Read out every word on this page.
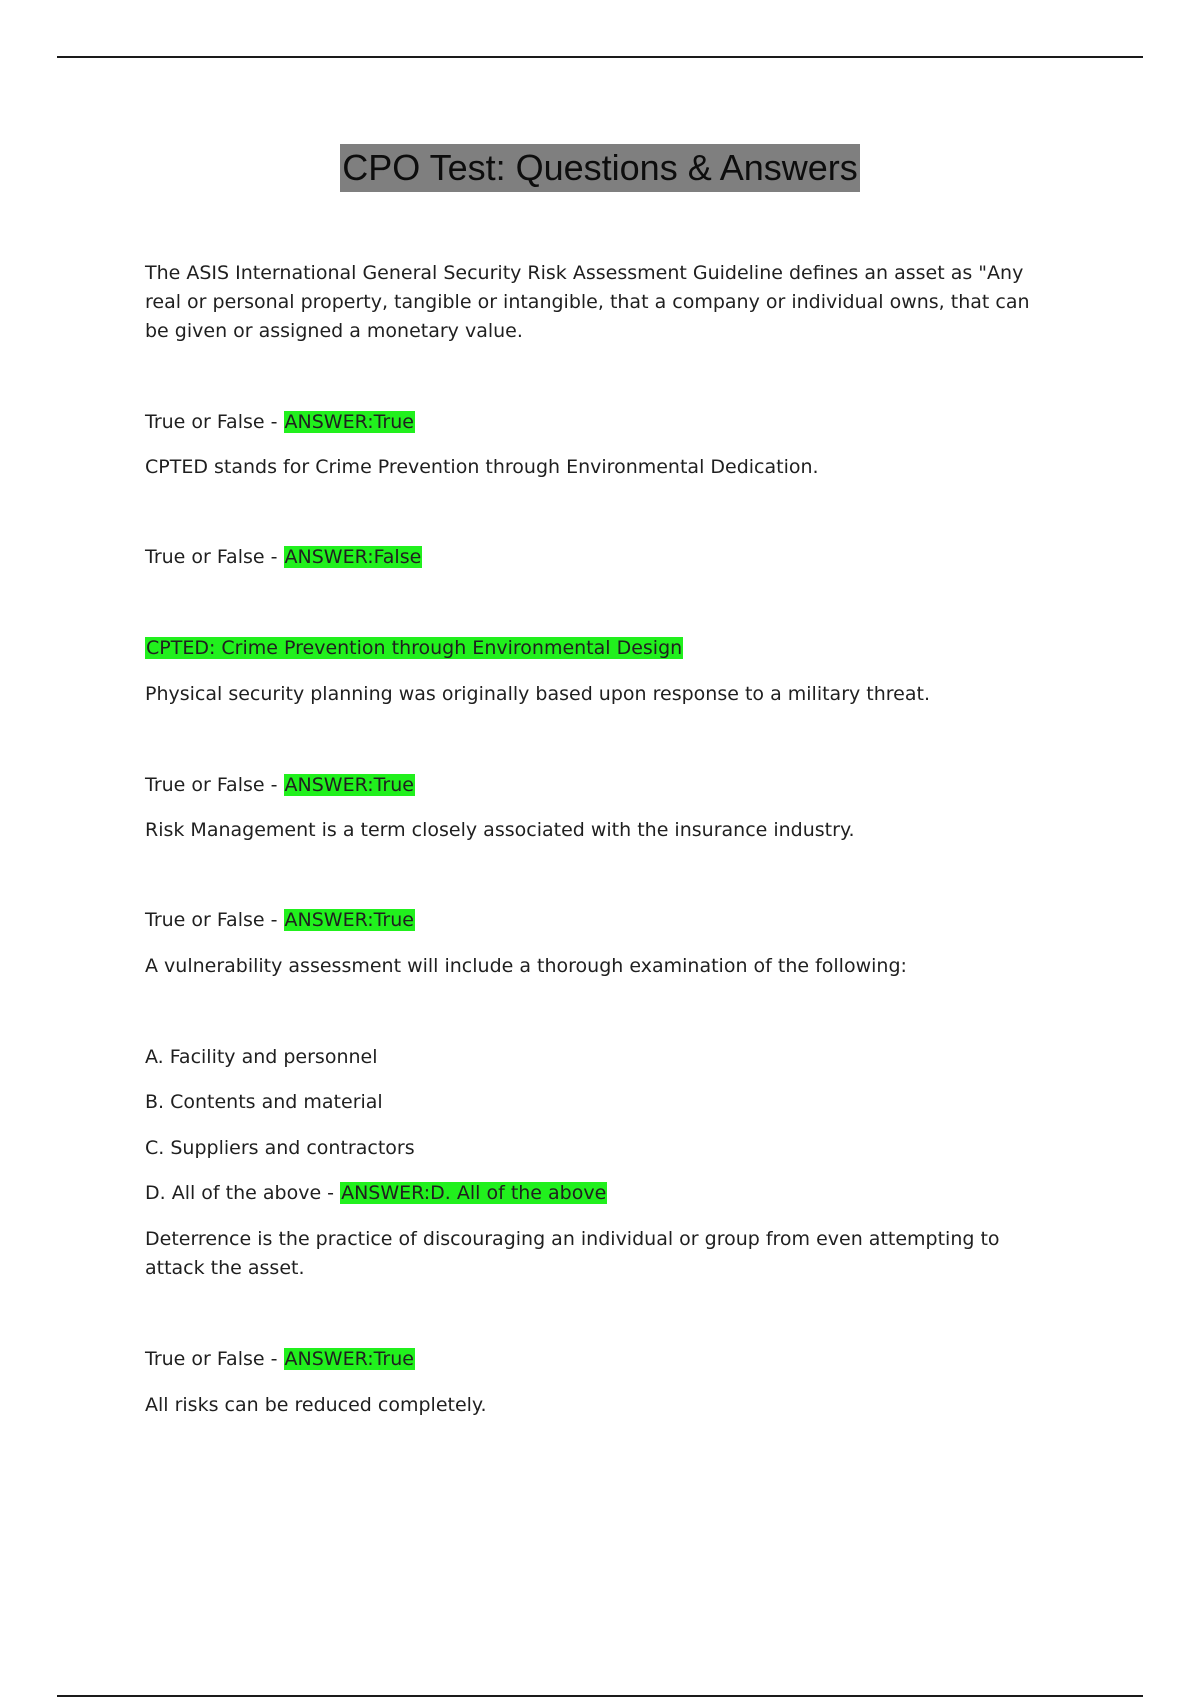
CPO Test: Questions & Answers

The ASIS International General Security Risk Assessment Guideline defines an asset as "Any real or personal property, tangible or intangible, that a company or individual owns, that can be given or assigned a monetary value.

True or False - ANSWER:True

CPTED stands for Crime Prevention through Environmental Dedication.

True or False - ANSWER:False

CPTED: Crime Prevention through Environmental Design

Physical security planning was originally based upon response to a military threat.

True or False - ANSWER:True

Risk Management is a term closely associated with the insurance industry.

True or False - ANSWER:True

A vulnerability assessment will include a thorough examination of the following:

A. Facility and personnel

B. Contents and material

C. Suppliers and contractors

D. All of the above - ANSWER:D. All of the above

Deterrence is the practice of discouraging an individual or group from even attempting to attack the asset.

True or False - ANSWER:True

All risks can be reduced completely.
